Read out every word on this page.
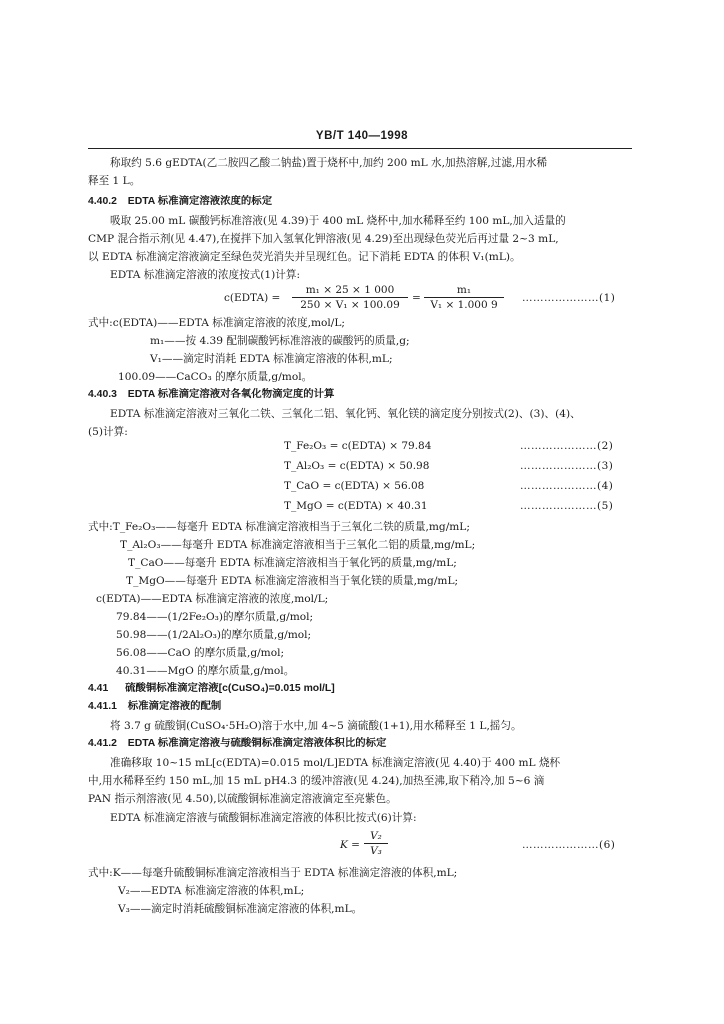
YB/T 140—1998
称取约 5.6 gEDTA(乙二胺四乙酸二钠盐)置于烧杯中,加约 200 mL 水,加热溶解,过滤,用水稀
释至 1 L。
4.40.2 EDTA 标准滴定溶液浓度的标定
吸取 25.00 mL 碳酸钙标准溶液(见 4.39)于 400 mL 烧杯中,加水稀释至约 100 mL,加入适量的
CMP 混合指示剂(见 4.47),在搅拌下加入氢氧化钾溶液(见 4.29)至出现绿色荧光后再过量 2~3 mL,
以 EDTA 标准滴定溶液滴定至绿色荧光消失并呈现红色。记下消耗 EDTA 的体积 V₁(mL)。
EDTA 标准滴定溶液的浓度按式(1)计算:
c(EDTA) = $\frac{\text{m₁ × 25 × 1 000}}{\text{250 × V₁ × 100.09}} = \frac{\text{m₁}}{\text{V₁ × 1.000 9}}$ …………………(1)
式中:c(EDTA)——EDTA 标准滴定溶液的浓度,mol/L;
m₁——按 4.39 配制碳酸钙标准溶液的碳酸钙的质量,g;
V₁——滴定时消耗 EDTA 标准滴定溶液的体积,mL;
100.09——CaCO₃ 的摩尔质量,g/mol。
4.40.3 EDTA 标准滴定溶液对各氧化物滴定度的计算
EDTA 标准滴定溶液对三氧化二铁、三氧化二铝、氧化钙、氧化镁的滴定度分别按式(2)、(3)、(4)、
(5)计算:
T_Fe₂O₃ = c(EDTA) × 79.84	…………………(2)
T_Al₂O₃ = c(EDTA) × 50.98	…………………(3)
T_CaO = c(EDTA) × 56.08	…………………(4)
T_MgO = c(EDTA) × 40.31	…………………(5)
式中:T_Fe₂O₃——每毫升 EDTA 标准滴定溶液相当于三氧化二铁的质量,mg/mL;
T_Al₂O₃——每毫升 EDTA 标准滴定溶液相当于三氧化二铝的质量,mg/mL;
T_CaO——每毫升 EDTA 标准滴定溶液相当于氧化钙的质量,mg/mL;
T_MgO——每毫升 EDTA 标准滴定溶液相当于氧化镁的质量,mg/mL;
c(EDTA)——EDTA 标准滴定溶液的浓度,mol/L;
79.84——(1/2Fe₂O₃)的摩尔质量,g/mol;
50.98——(1/2Al₂O₃)的摩尔质量,g/mol;
56.08——CaO 的摩尔质量,g/mol;
40.31——MgO 的摩尔质量,g/mol。
4.41 硫酸铜标准滴定溶液[c(CuSO₄)=0.015 mol/L]
4.41.1 标准滴定溶液的配制
将 3.7 g 硫酸铜(CuSO₄·5H₂O)溶于水中,加 4~5 滴硫酸(1+1),用水稀释至 1 L,摇匀。
4.41.2 EDTA 标准滴定溶液与硫酸铜标准滴定溶液体积比的标定
准确移取 10~15 mL[c(EDTA)=0.015 mol/L]EDTA 标准滴定溶液(见 4.40)于 400 mL 烧杯
中,用水稀释至约 150 mL,加 15 mL pH4.3 的缓冲溶液(见 4.24),加热至沸,取下稍冷,加 5~6 滴
PAN 指示剂溶液(见 4.50),以硫酸铜标准滴定溶液滴定至亮紫色。
EDTA 标准滴定溶液与硫酸铜标准滴定溶液的体积比按式(6)计算:
$K = \frac{\text{V₂}}{\text{V₃}}$	…………………(6)
式中:K——每毫升硫酸铜标准滴定溶液相当于 EDTA 标准滴定溶液的体积,mL;
V₂——EDTA 标准滴定溶液的体积,mL;
V₃——滴定时消耗硫酸铜标准滴定溶液的体积,mL。
